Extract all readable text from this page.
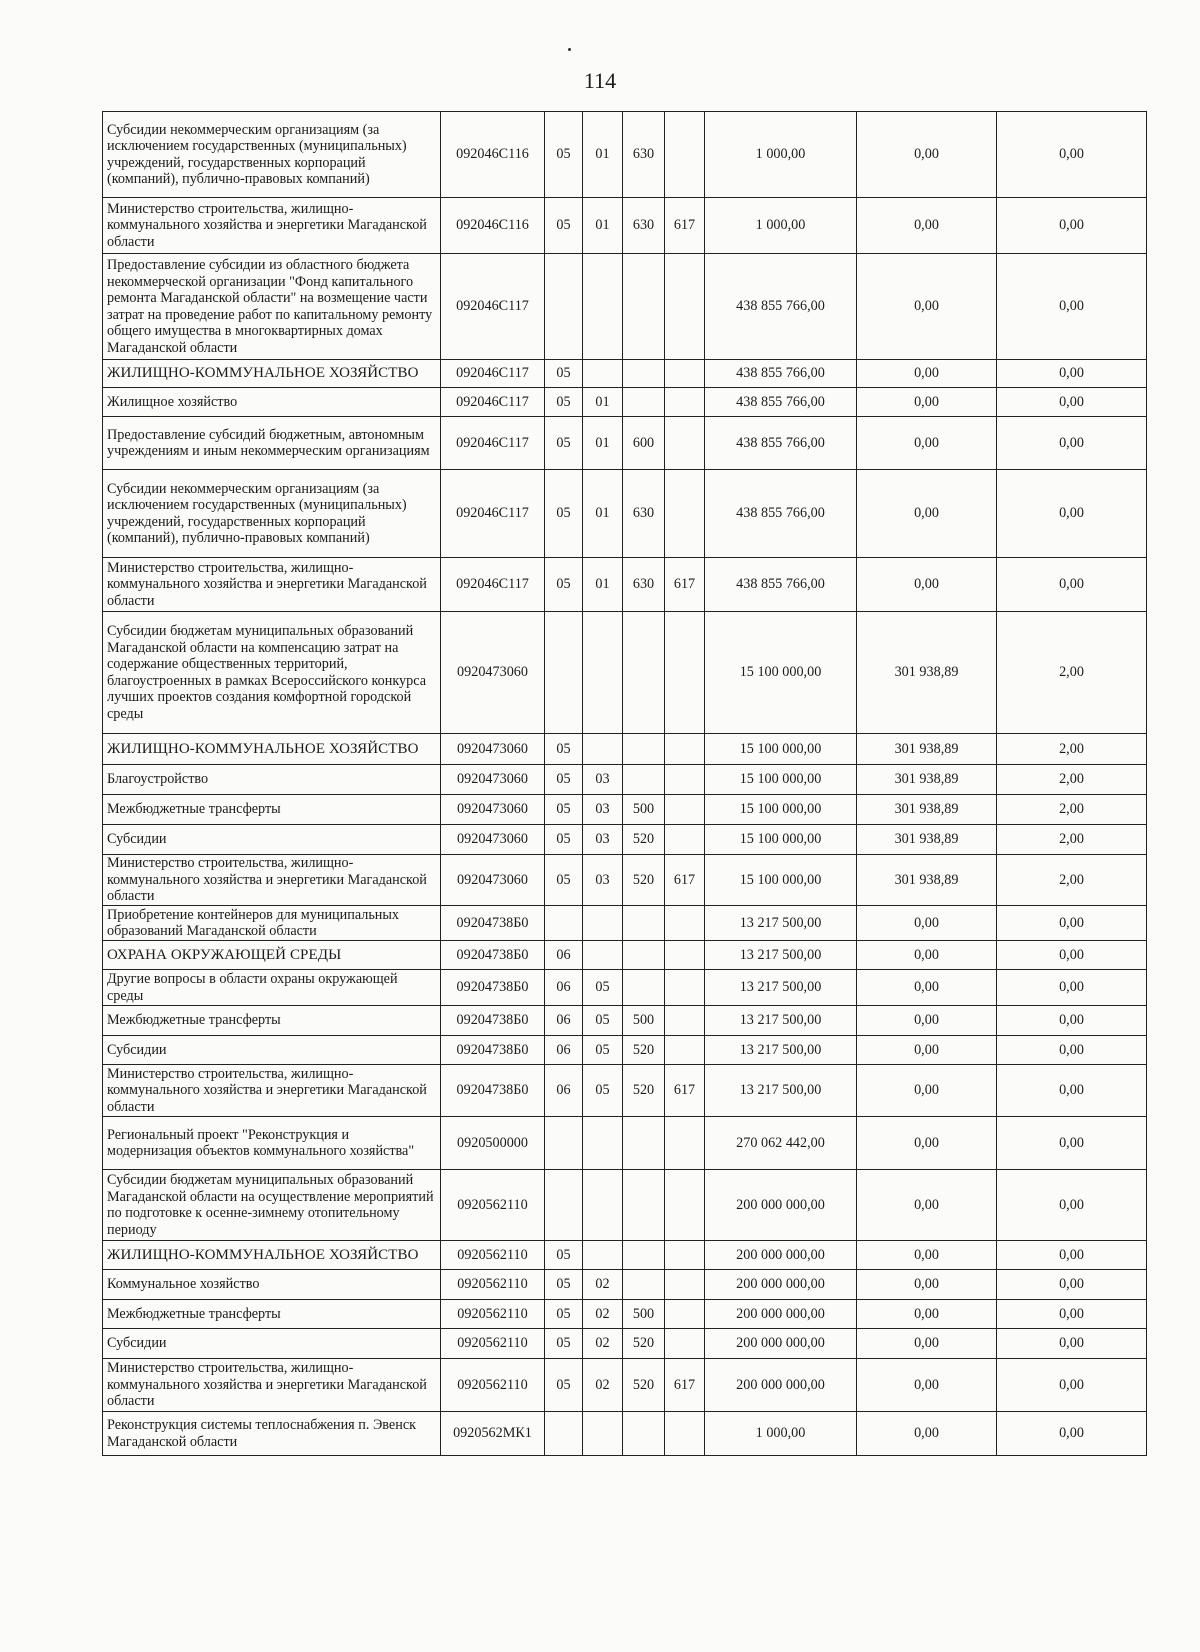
114
Субсидии некоммерческим организациям (за исключением государственных (муниципальных) учреждений, государственных корпораций (компаний), публично-правовых компаний)	092046С116	05	01	630		1 000,00	0,00	0,00
Министерство строительства, жилищно-коммунального хозяйства и энергетики Магаданской области	092046С116	05	01	630	617	1 000,00	0,00	0,00
Предоставление субсидии из областного бюджета некоммерческой организации "Фонд капитального ремонта Магаданской области" на возмещение части затрат на проведение работ по капитальному ремонту общего имущества в многоквартирных домах Магаданской области	092046С117					438 855 766,00	0,00	0,00
ЖИЛИЩНО-КОММУНАЛЬНОЕ ХОЗЯЙСТВО	092046С117	05				438 855 766,00	0,00	0,00
Жилищное хозяйство	092046С117	05	01			438 855 766,00	0,00	0,00
Предоставление субсидий бюджетным, автономным учреждениям и иным некоммерческим организациям	092046С117	05	01	600		438 855 766,00	0,00	0,00
Субсидии некоммерческим организациям (за исключением государственных (муниципальных) учреждений, государственных корпораций (компаний), публично-правовых компаний)	092046С117	05	01	630		438 855 766,00	0,00	0,00
Министерство строительства, жилищно-коммунального хозяйства и энергетики Магаданской области	092046С117	05	01	630	617	438 855 766,00	0,00	0,00
Субсидии бюджетам муниципальных образований Магаданской области на компенсацию затрат на содержание общественных территорий, благоустроенных в рамках Всероссийского конкурса лучших проектов создания комфортной городской среды	0920473060					15 100 000,00	301 938,89	2,00
ЖИЛИЩНО-КОММУНАЛЬНОЕ ХОЗЯЙСТВО	0920473060	05				15 100 000,00	301 938,89	2,00
Благоустройство	0920473060	05	03			15 100 000,00	301 938,89	2,00
Межбюджетные трансферты	0920473060	05	03	500		15 100 000,00	301 938,89	2,00
Субсидии	0920473060	05	03	520		15 100 000,00	301 938,89	2,00
Министерство строительства, жилищно-коммунального хозяйства и энергетики Магаданской области	0920473060	05	03	520	617	15 100 000,00	301 938,89	2,00
Приобретение контейнеров для муниципальных образований Магаданской области	09204738Б0					13 217 500,00	0,00	0,00
ОХРАНА ОКРУЖАЮЩЕЙ СРЕДЫ	09204738Б0	06				13 217 500,00	0,00	0,00
Другие вопросы в области охраны окружающей среды	09204738Б0	06	05			13 217 500,00	0,00	0,00
Межбюджетные трансферты	09204738Б0	06	05	500		13 217 500,00	0,00	0,00
Субсидии	09204738Б0	06	05	520		13 217 500,00	0,00	0,00
Министерство строительства, жилищно-коммунального хозяйства и энергетики Магаданской области	09204738Б0	06	05	520	617	13 217 500,00	0,00	0,00
Региональный проект "Реконструкция и модернизация объектов коммунального хозяйства"	0920500000					270 062 442,00	0,00	0,00
Субсидии бюджетам муниципальных образований Магаданской области на осуществление мероприятий по подготовке к осенне-зимнему отопительному периоду	0920562110					200 000 000,00	0,00	0,00
ЖИЛИЩНО-КОММУНАЛЬНОЕ ХОЗЯЙСТВО	0920562110	05				200 000 000,00	0,00	0,00
Коммунальное хозяйство	0920562110	05	02			200 000 000,00	0,00	0,00
Межбюджетные трансферты	0920562110	05	02	500		200 000 000,00	0,00	0,00
Субсидии	0920562110	05	02	520		200 000 000,00	0,00	0,00
Министерство строительства, жилищно-коммунального хозяйства и энергетики Магаданской области	0920562110	05	02	520	617	200 000 000,00	0,00	0,00
Реконструкция системы теплоснабжения п. Эвенск Магаданской области	0920562МК1					1 000,00	0,00	0,00
